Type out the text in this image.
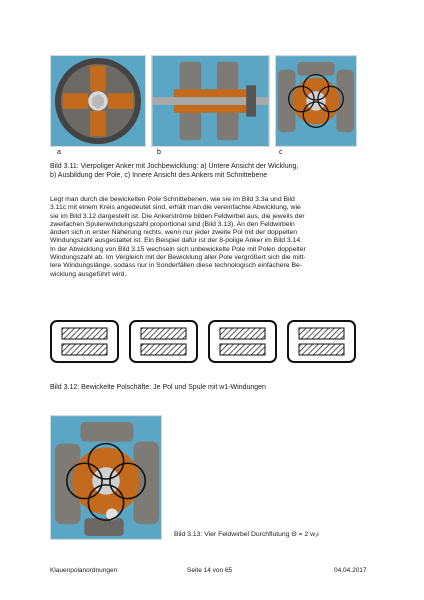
a	b	c
Bild 3.11: Vierpoliger Anker mit Jochbewicklung: a) Untere Ansicht der Wicklung,
b) Ausbildung der Pole, c) Innere Ansicht des Ankers mit Schnittebene
Legt man durch die bewickelten Pole Schnittebenen, wie sie im Bild 3.3a und Bild
3.11c mit einem Kreis angedeutet sind, erhält man die vereinfachte Abwicklung, wie
sie im Bild 3.12 dargestellt ist. Die Ankerströme bilden Feldwirbel aus, die jeweils der
zweifachen Spulenwindungszahl proportional sind (Bild 3.13). An den Feldwirbeln
ändert sich in erster Näherung nichts, wenn nur jeder zweite Pol mit der doppelten
Windungszahl ausgestattet ist. Ein Beispiel dafür ist der 8-polige Anker im Bild 3.14.
In der Abwicklung von Bild 3.15 wechseln sich unbewickelte Pole mit Polen doppelter
Windungszahl ab. Im Vergleich mit der Bewicklung aller Pole vergrößert sich die mitt-
lere Windungslänge, sodass nur in Sonderfällen diese technologisch einfachere Be-
wicklung ausgeführt wird.
Bild 3.12: Bewickelte Polschäfte: Je Pol und Spule mit w1-Windungen
Bild 3.13: Vier Feldwirbel Durchflutung Θ = 2 w₁i
Klauenpolanordnungen	Seite 14 von 65	04.04.2017
